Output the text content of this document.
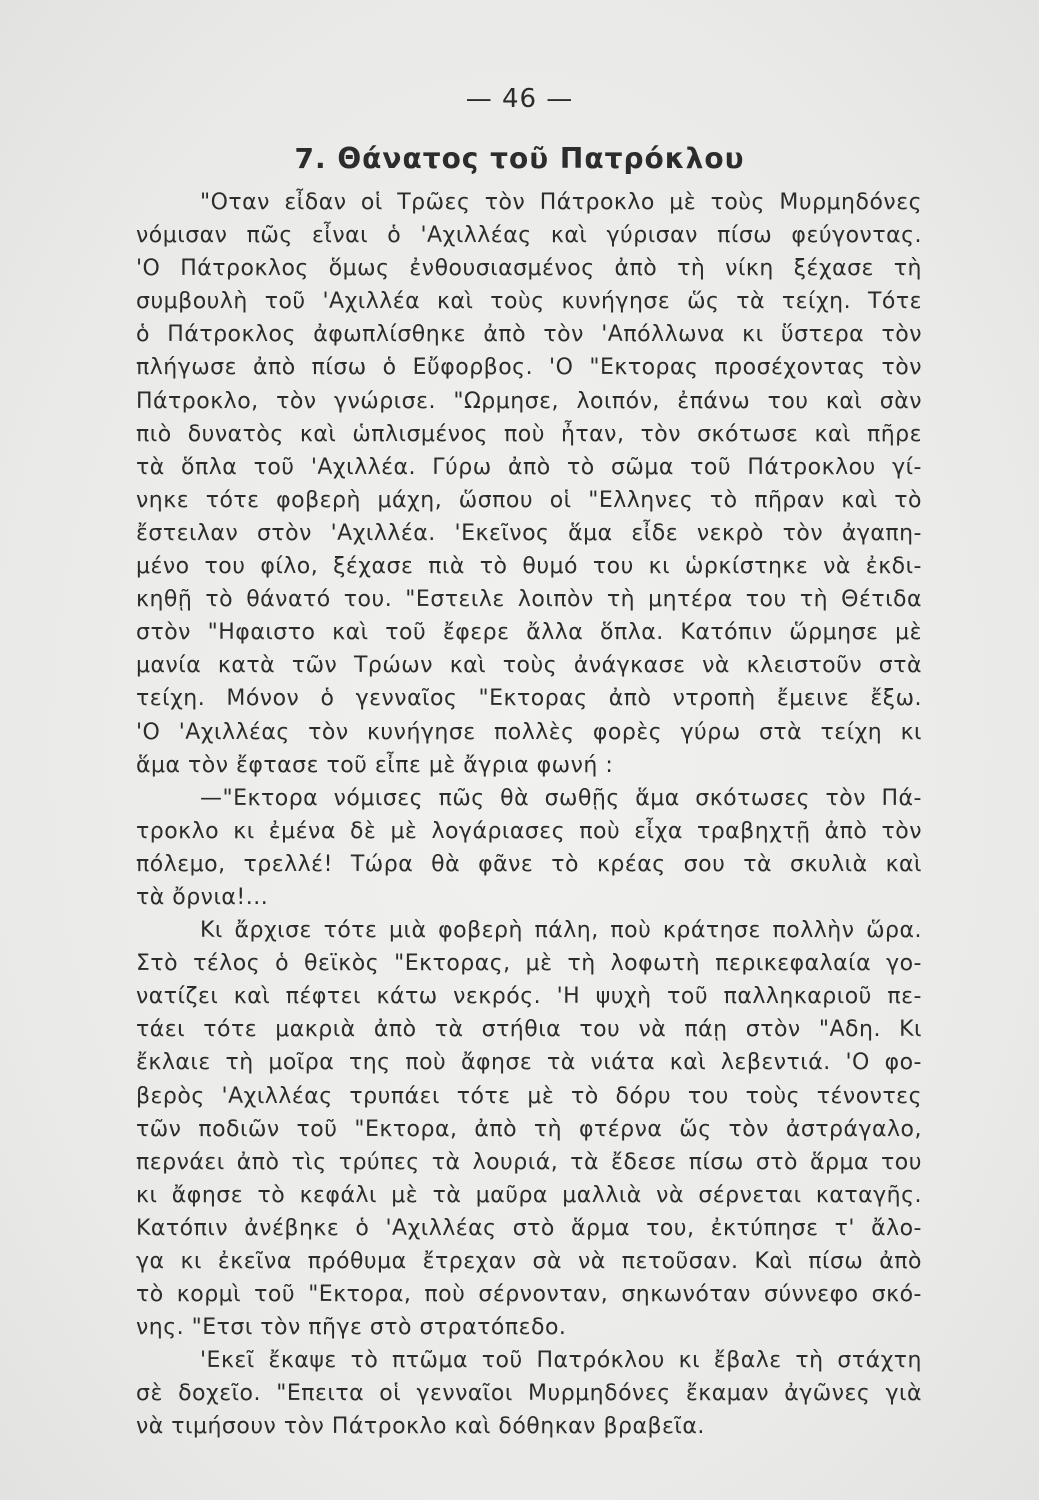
— 46 —
7. Θάνατος τοῦ Πατρόκλου
"Οταν εἶδαν οἱ Τρῶες τὸν Πάτροκλο μὲ τοὺς Μυρμηδόνες
νόμισαν πῶς εἶναι ὁ 'Αχιλλέας καὶ γύρισαν πίσω φεύγοντας.
'Ο Πάτροκλος ὅμως ἐνθουσιασμένος ἀπὸ τὴ νίκη ξέχασε τὴ
συμβουλὴ τοῦ 'Αχιλλέα καὶ τοὺς κυνήγησε ὥς τὰ τείχη. Τότε
ὁ Πάτροκλος ἀφωπλίσθηκε ἀπὸ τὸν 'Απόλλωνα κι ὕστερα τὸν
πλήγωσε ἀπὸ πίσω ὁ Εὔφορβος. 'Ο "Εκτορας προσέχοντας τὸν
Πάτροκλο, τὸν γνώρισε. "Ωρμησε, λοιπόν, ἐπάνω του καὶ σὰν
πιὸ δυνατὸς καὶ ὡπλισμένος ποὺ ἦταν, τὸν σκότωσε καὶ πῆρε
τὰ ὅπλα τοῦ 'Αχιλλέα. Γύρω ἀπὸ τὸ σῶμα τοῦ Πάτροκλου γί-
νηκε τότε φοβερὴ μάχη, ὥσπου οἱ "Ελληνες τὸ πῆραν καὶ τὸ
ἔστειλαν στὸν 'Αχιλλέα. 'Εκεῖνος ἅμα εἶδε νεκρὸ τὸν ἀγαπη-
μένο του φίλο, ξέχασε πιὰ τὸ θυμό του κι ὡρκίστηκε νὰ ἐκδι-
κηθῇ τὸ θάνατό του. "Εστειλε λοιπὸν τὴ μητέρα του τὴ Θέτιδα
στὸν "Ηφαιστο καὶ τοῦ ἔφερε ἄλλα ὅπλα. Κατόπιν ὥρμησε μὲ
μανία κατὰ τῶν Τρώων καὶ τοὺς ἀνάγκασε νὰ κλειστοῦν στὰ
τείχη. Μόνον ὁ γενναῖος "Εκτορας ἀπὸ ντροπὴ ἔμεινε ἔξω.
'Ο 'Αχιλλέας τὸν κυνήγησε πολλὲς φορὲς γύρω στὰ τείχη κι
ἅμα τὸν ἔφτασε τοῦ εἶπε μὲ ἄγρια φωνή :
—"Εκτορα νόμισες πῶς θὰ σωθῇς ἅμα σκότωσες τὸν Πά-
τροκλο κι ἐμένα δὲ μὲ λογάριασες ποὺ εἶχα τραβηχτῇ ἀπὸ τὸν
πόλεμο, τρελλέ! Τώρα θὰ φᾶνε τὸ κρέας σου τὰ σκυλιὰ καὶ
τὰ ὄρνια!...
Κι ἄρχισε τότε μιὰ φοβερὴ πάλη, ποὺ κράτησε πολλὴν ὥρα.
Στὸ τέλος ὁ θεϊκὸς "Εκτορας, μὲ τὴ λοφωτὴ περικεφαλαία γο-
νατίζει καὶ πέφτει κάτω νεκρός. 'Η ψυχὴ τοῦ παλληκαριοῦ πε-
τάει τότε μακριὰ ἀπὸ τὰ στήθια του νὰ πάῃ στὸν "Αδη. Κι
ἔκλαιε τὴ μοῖρα της ποὺ ἄφησε τὰ νιάτα καὶ λεβεντιά. 'Ο φο-
βερὸς 'Αχιλλέας τρυπάει τότε μὲ τὸ δόρυ του τοὺς τένοντες
τῶν ποδιῶν τοῦ "Εκτορα, ἀπὸ τὴ φτέρνα ὥς τὸν ἀστράγαλο,
περνάει ἀπὸ τὶς τρύπες τὰ λουριά, τὰ ἔδεσε πίσω στὸ ἅρμα του
κι ἄφησε τὸ κεφάλι μὲ τὰ μαῦρα μαλλιὰ νὰ σέρνεται καταγῆς.
Κατόπιν ἀνέβηκε ὁ 'Αχιλλέας στὸ ἅρμα του, ἐκτύπησε τ' ἄλο-
γα κι ἐκεῖνα πρόθυμα ἔτρεχαν σὰ νὰ πετοῦσαν. Καὶ πίσω ἀπὸ
τὸ κορμὶ τοῦ "Εκτορα, ποὺ σέρνονταν, σηκωνόταν σύννεφο σκό-
νης. "Ετσι τὸν πῆγε στὸ στρατόπεδο.
'Εκεῖ ἔκαψε τὸ πτῶμα τοῦ Πατρόκλου κι ἔβαλε τὴ στάχτη
σὲ δοχεῖο. "Επειτα οἱ γενναῖοι Μυρμηδόνες ἔκαμαν ἀγῶνες γιὰ
νὰ τιμήσουν τὸν Πάτροκλο καὶ δόθηκαν βραβεῖα.
